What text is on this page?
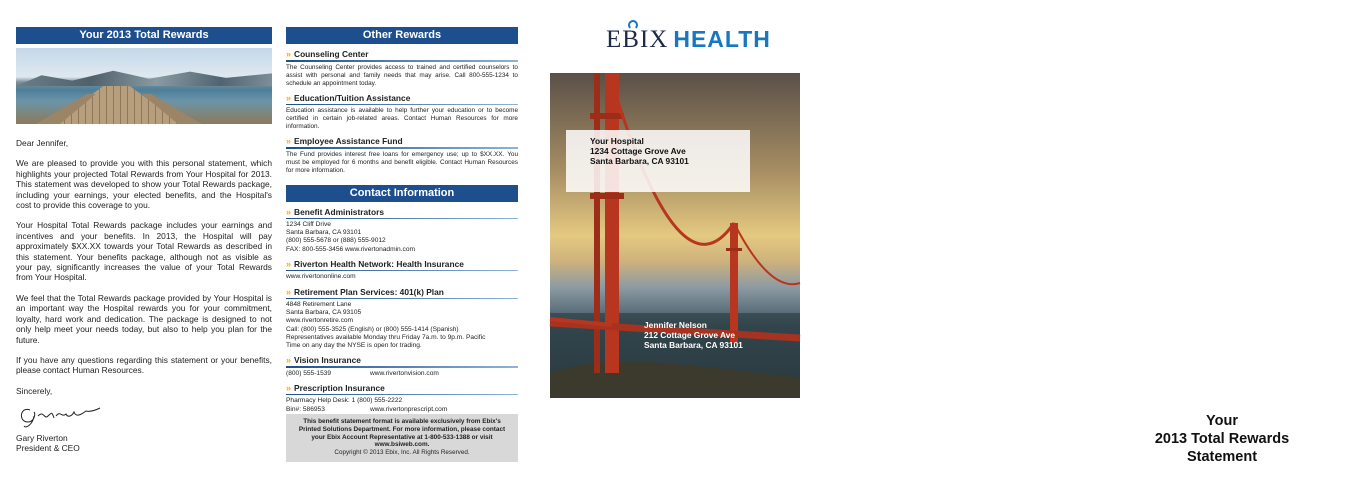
Your 2013 Total Rewards

Dear Jennifer,

We are pleased to provide you with this personal statement, which highlights your projected Total Rewards from Your Hospital for 2013. This statement was developed to show your Total Rewards package, including your earnings, your elected benefits, and the Hospital's cost to provide this coverage to you.

Your Hospital Total Rewards package includes your earnings and incentives and your benefits. In 2013, the Hospital will pay approximately $XX.XX towards your Total Rewards as described in this statement. Your benefits package, although not as visible as your pay, significantly increases the value of your Total Rewards from Your Hospital.

We feel that the Total Rewards package provided by Your Hospital is an important way the Hospital rewards you for your commitment, loyalty, hard work and dedication. The package is designed to not only help meet your needs today, but also to help you plan for the future.

If you have any questions regarding this statement or your benefits, please contact Human Resources.

Sincerely,

Gary Riverton
President & CEO
Other Rewards
» Counseling Center
The Counseling Center provides access to trained and certified counselors to assist with personal and family needs that may arise. Call 800-555-1234 to schedule an appointment today.
» Education/Tuition Assistance
Education assistance is available to help further your education or to become certified in certain job-related areas. Contact Human Resources for more information.
» Employee Assistance Fund
The Fund provides interest free loans for emergency use; up to $XX.XX. You must be employed for 6 months and benefit eligible. Contact Human Resources for more information.
Contact Information
» Benefit Administrators
1234 Cliff Drive
Santa Barbara, CA 93101
(800) 555-5678 or (888) 555-9012
FAX: 800-555-3456 www.rivertonadmin.com
» Riverton Health Network: Health Insurance
www.rivertononline.com
» Retirement Plan Services: 401(k) Plan
4848 Retirement Lane
Santa Barbara, CA 93105
www.rivertonretire.com
Call: (800) 555-3525 (English) or (800) 555-1414 (Spanish)
Representatives available Monday thru Friday 7a.m. to 9p.m. Pacific
Time on any day the NYSE is open for trading.
» Vision Insurance
(800) 555-1539	www.rivertonvision.com
» Prescription Insurance
Pharmacy Help Desk: 1 (800) 555-2222
Bin#: 586953	www.rivertonprescript.com
This benefit statement format is available exclusively from Ebix's Printed Solutions Department. For more information, please contact your Ebix Account Representative at 1-800-533-1388 or visit www.bsiweb.com.
Copyright © 2013 Ebix, Inc. All Rights Reserved.
EBIX HEALTH
Your
2013 Total Rewards
Statement
Your Hospital
1234 Cottage Grove Ave
Santa Barbara, CA 93101
Jennifer Nelson
212 Cottage Grove Ave
Santa Barbara, CA 93101
